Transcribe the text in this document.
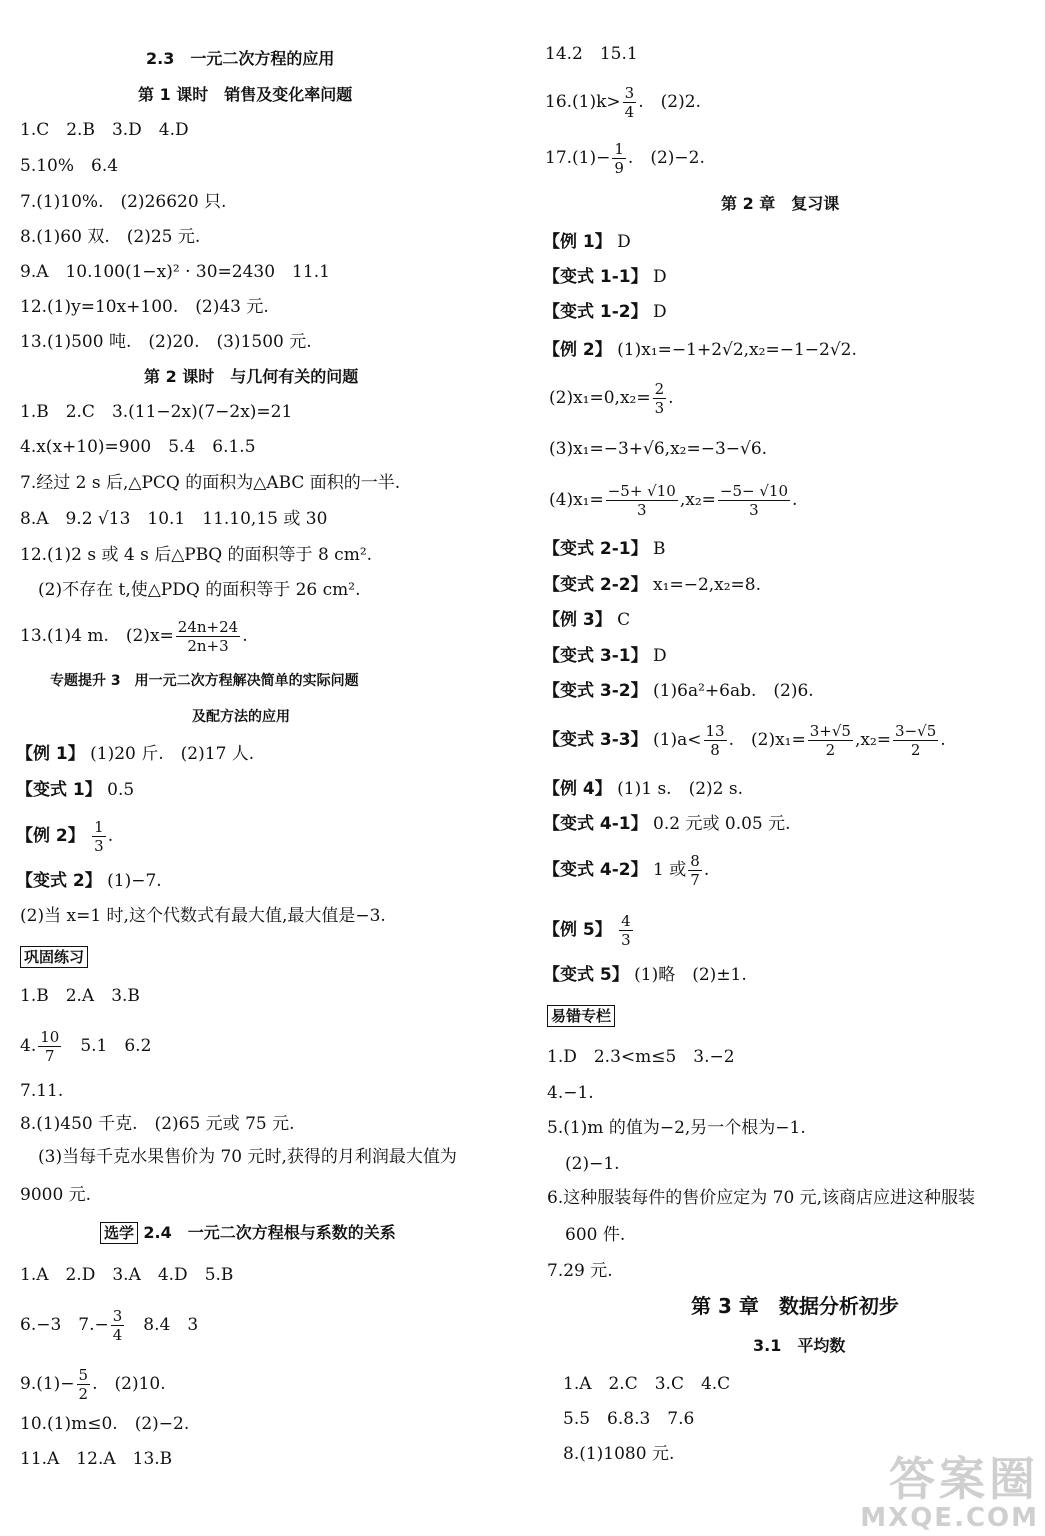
2.3　一元二次方程的应用
第 1 课时　销售及变化率问题
1.C　2.B　3.D　4.D
5.10%　6.4
7.(1)10%.　(2)26620 只.
8.(1)60 双.　(2)25 元.
9.A　10.100(1−x)² · 30=2430　11.1
12.(1)y=10x+100.　(2)43 元.
13.(1)500 吨.　(2)20.　(3)1500 元.
第 2 课时　与几何有关的问题
1.B　2.C　3.(11−2x)(7−2x)=21
4.x(x+10)=900　5.4　6.1.5
7.经过 2 s 后,△PCQ 的面积为△ABC 面积的一半.
8.A　9.2 √13　10.1　11.10,15 或 30
12.(1)2 s 或 4 s 后△PBQ 的面积等于 8 cm².
(2)不存在 t,使△PDQ 的面积等于 26 cm².
13.(1)4 m.　$(2)x= \frac{24n+24}{2n+3}$ .
专题提升 3　用一元二次方程解决简单的实际问题
及配方法的应用
【例 1】 (1)20 斤.　(2)17 人.
【变式 1】 0.5
【例 2】 $\frac{1}{3}$ .
【变式 2】 (1)−7.
(2)当 x=1 时,这个代数式有最大值,最大值是−3.
巩固练习
1.B　2.A　3.B
4. $\frac{10}{7}$ 　5.1　6.2
7.11.
8.(1)450 千克.　(2)65 元或 75 元.
(3)当每千克水果售价为 70 元时,获得的月利润最大值为
9000 元.
选学 2.4　一元二次方程根与系数的关系
1.A　2.D　3.A　4.D　5.B
6.−3　$7.- \frac{3}{4}$ 　8.4　3
$9.(1)- \frac{5}{2}$ .　(2)10.
10.(1)m≤0.　(2)−2.
11.A　12.A　13.B
14.2　15.1
$16.(1)k> \frac{3}{4}$ .　(2)2.
$17.(1)- \frac{1}{9}$ .　(2)−2.
第 2 章　复习课
【例 1】 D
【变式 1-1】 D
【变式 1-2】 D
【例 2】 (1)x₁=−1+2√2,x₂=−1−2√2.
$(2)x_1=0,x_2= \frac{2}{3}$ .
(3)x₁=−3+√6,x₂=−3−√6.
$(4)x_1= \frac{-5+ √10}{3} ,x_2= \frac{-5- √10}{3}$ .
【变式 2-1】 B
【变式 2-2】 x₁=−2,x₂=8.
【例 3】 C
【变式 3-1】 D
【变式 3-2】 (1)6a²+6ab.　(2)6.
【变式 3-3】 $(1)a< \frac{13}{8}$ .　$(2)x_1= \frac{3+√5}{2} ,x_2= \frac{3-√5}{2}$ .
【例 4】 (1)1 s.　(2)2 s.
【变式 4-1】 0.2 元或 0.05 元.
【变式 4-2】 1 或 $\frac{8}{7}$ .
【例 5】 $\frac{4}{3}$
【变式 5】 (1)略　(2)±1.
易错专栏
1.D　2.3<m≤5　3.−2
4.−1.
5.(1)m 的值为−2,另一个根为−1.
(2)−1.
6.这种服装每件的售价应定为 70 元,该商店应进这种服装
600 件.
7.29 元.
第 3 章　数据分析初步
3.1　平均数
1.A　2.C　3.C　4.C
5.5　6.8.3　7.6
8.(1)1080 元.	答案圈
MXQE.COM
